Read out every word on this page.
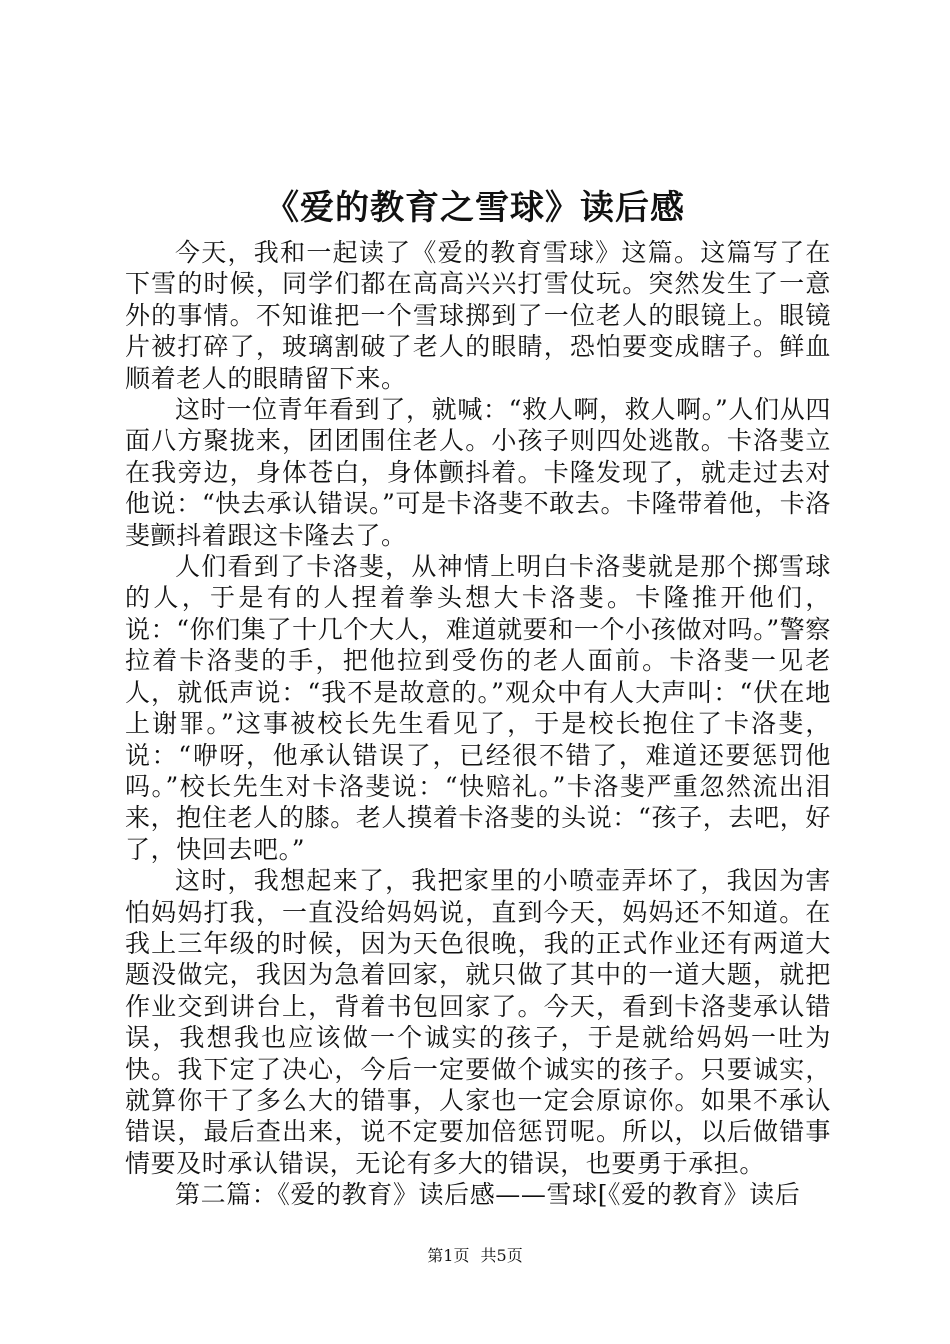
《爱的教育之雪球》读后感

今天，我和一起读了《爱的教育雪球》这篇。这篇写了在下雪的时候，同学们都在高高兴兴打雪仗玩。突然发生了一意外的事情。不知谁把一个雪球掷到了一位老人的眼镜上。眼镜片被打碎了，玻璃割破了老人的眼睛，恐怕要变成瞎子。鲜血顺着老人的眼睛留下来。

这时一位青年看到了，就喊：“救人啊，救人啊。”人们从四面八方聚拢来，团团围住老人。小孩子则四处逃散。卡洛斐立在我旁边，身体苍白，身体颤抖着。卡隆发现了，就走过去对他说：“快去承认错误。”可是卡洛斐不敢去。卡隆带着他，卡洛斐颤抖着跟这卡隆去了。

人们看到了卡洛斐，从神情上明白卡洛斐就是那个掷雪球的人，于是有的人捏着拳头想大卡洛斐。卡隆推开他们，说：“你们集了十几个大人，难道就要和一个小孩做对吗。”警察拉着卡洛斐的手，把他拉到受伤的老人面前。卡洛斐一见老人，就低声说：“我不是故意的。”观众中有人大声叫：“伏在地上谢罪。”这事被校长先生看见了，于是校长抱住了卡洛斐，说：“咿呀，他承认错误了，已经很不错了，难道还要惩罚他吗。”校长先生对卡洛斐说：“快赔礼。”卡洛斐严重忽然流出泪来，抱住老人的膝。老人摸着卡洛斐的头说：“孩子，去吧，好了，快回去吧。”

这时，我想起来了，我把家里的小喷壶弄坏了，我因为害怕妈妈打我，一直没给妈妈说，直到今天，妈妈还不知道。在我上三年级的时候，因为天色很晚，我的正式作业还有两道大题没做完，我因为急着回家，就只做了其中的一道大题，就把作业交到讲台上，背着书包回家了。今天，看到卡洛斐承认错误，我想我也应该做一个诚实的孩子，于是就给妈妈一吐为快。我下定了决心，今后一定要做个诚实的孩子。只要诚实，就算你干了多么大的错事，人家也一定会原谅你。如果不承认错误，最后查出来，说不定要加倍惩罚呢。所以，以后做错事情要及时承认错误，无论有多大的错误，也要勇于承担。

第二篇：《爱的教育》读后感——雪球[《爱的教育》读后

第1页 共5页
